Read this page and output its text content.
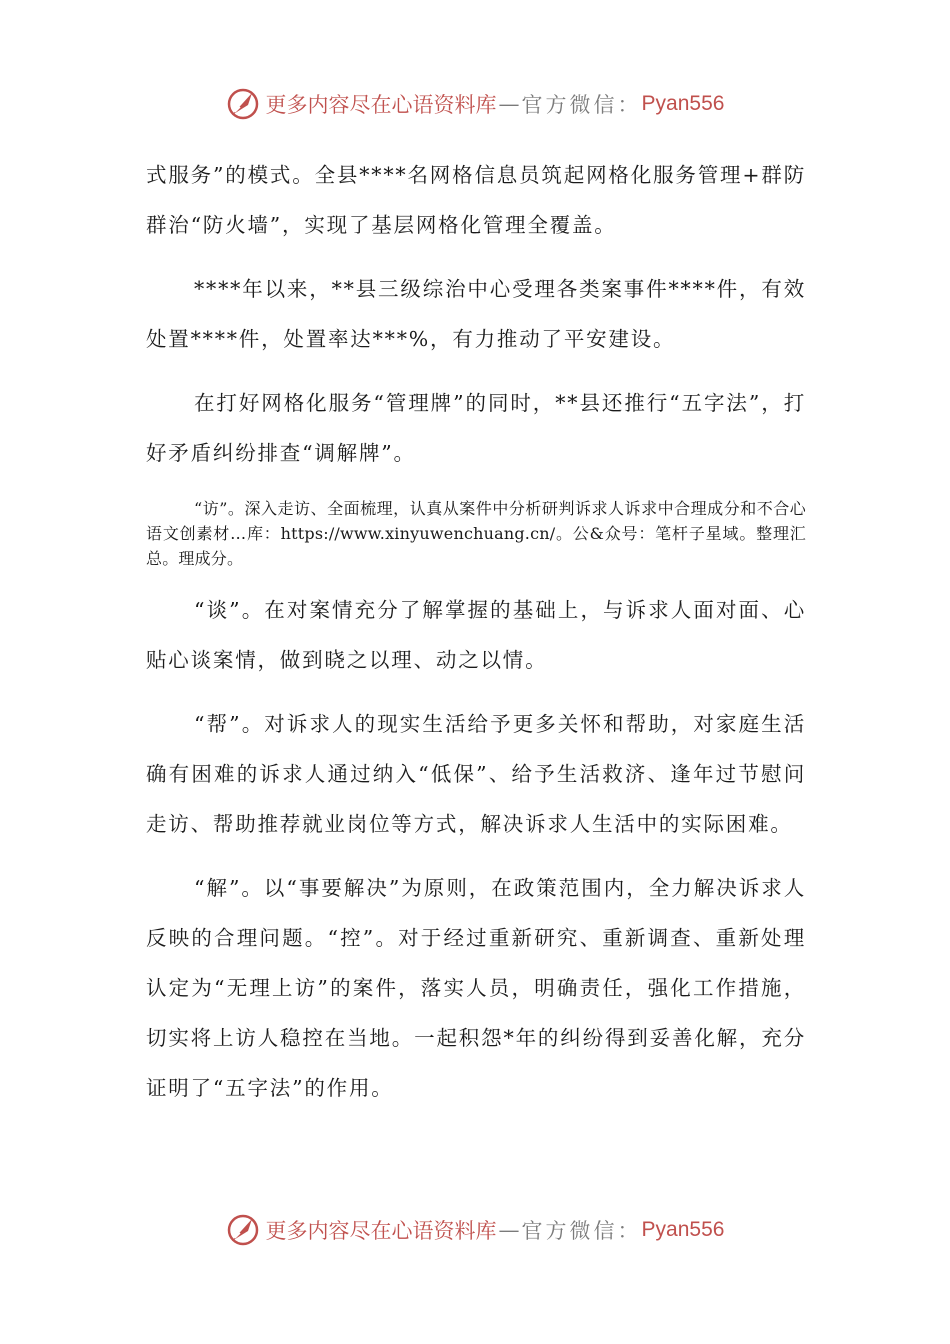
更多内容尽在心语资料库 — 官方微信： Pyan556

式服务”的模式。全县****名网格信息员筑起网格化服务管理+群防群治“防火墙”，实现了基层网格化管理全覆盖。

****年以来，**县三级综治中心受理各类案事件****件，有效处置****件，处置率达***%，有力推动了平安建设。

在打好网格化服务“管理牌”的同时，**县还推行“五字法”，打好矛盾纠纷排查“调解牌”。

“访”。深入走访、全面梳理，认真从案件中分析研判诉求人诉求中合理成分和不合心语文创素材…库：https://www.xinyuwenchuang.cn/。公&众号：笔杆子星域。整理汇总。理成分。

“谈”。在对案情充分了解掌握的基础上，与诉求人面对面、心贴心谈案情，做到晓之以理、动之以情。

“帮”。对诉求人的现实生活给予更多关怀和帮助，对家庭生活确有困难的诉求人通过纳入“低保”、给予生活救济、逢年过节慰问走访、帮助推荐就业岗位等方式，解决诉求人生活中的实际困难。

“解”。以“事要解决”为原则，在政策范围内，全力解决诉求人反映的合理问题。“控”。对于经过重新研究、重新调查、重新处理认定为“无理上访”的案件，落实人员，明确责任，强化工作措施，切实将上访人稳控在当地。一起积怨*年的纠纷得到妥善化解，充分证明了“五字法”的作用。

更多内容尽在心语资料库 — 官方微信： Pyan556
